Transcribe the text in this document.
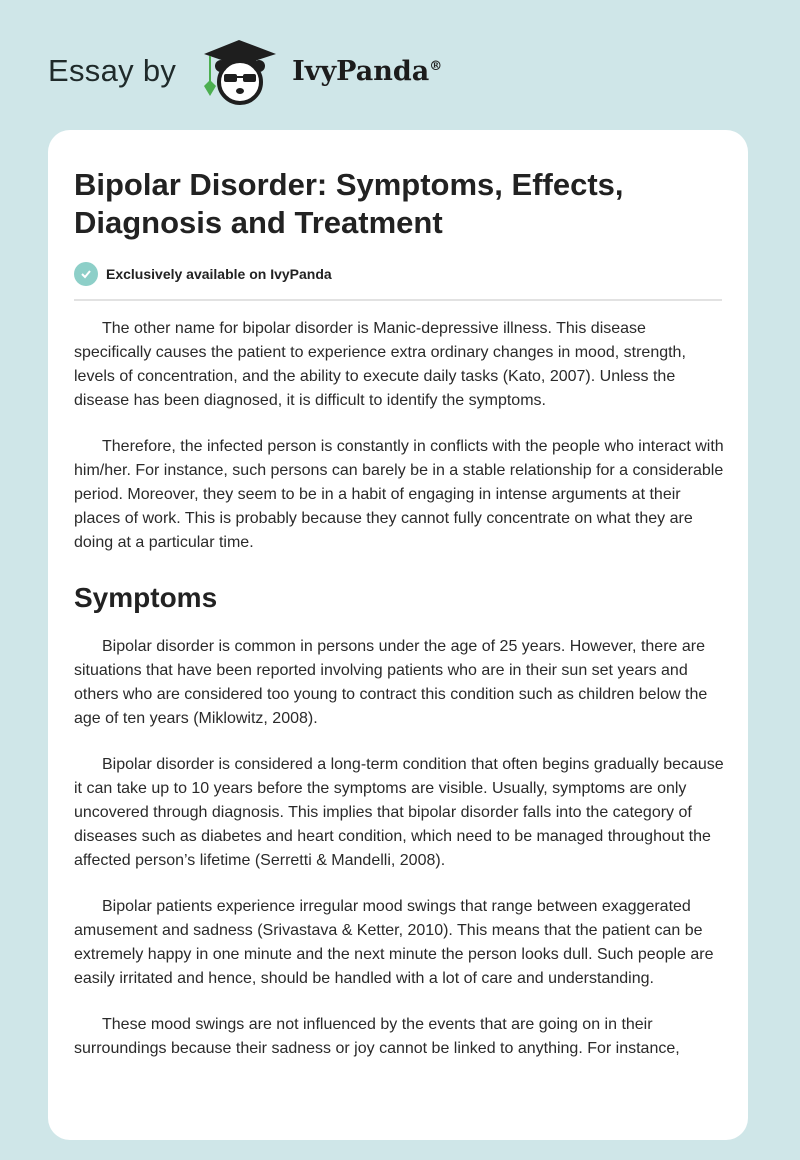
Essay by	IvyPanda®
Bipolar Disorder: Symptoms, Effects, Diagnosis and Treatment
Exclusively available on IvyPanda

The other name for bipolar disorder is Manic-depressive illness. This disease specifically causes the patient to experience extra ordinary changes in mood, strength, levels of concentration, and the ability to execute daily tasks (Kato, 2007). Unless the disease has been diagnosed, it is difficult to identify the symptoms.

Therefore, the infected person is constantly in conflicts with the people who interact with him/her. For instance, such persons can barely be in a stable relationship for a considerable period. Moreover, they seem to be in a habit of engaging in intense arguments at their places of work. This is probably because they cannot fully concentrate on what they are doing at a particular time.

Symptoms

Bipolar disorder is common in persons under the age of 25 years. However, there are situations that have been reported involving patients who are in their sun set years and others who are considered too young to contract this condition such as children below the age of ten years (Miklowitz, 2008).

Bipolar disorder is considered a long-term condition that often begins gradually because it can take up to 10 years before the symptoms are visible. Usually, symptoms are only uncovered through diagnosis. This implies that bipolar disorder falls into the category of diseases such as diabetes and heart condition, which need to be managed throughout the affected person’s lifetime (Serretti & Mandelli, 2008).

Bipolar patients experience irregular mood swings that range between exaggerated amusement and sadness (Srivastava & Ketter, 2010). This means that the patient can be extremely happy in one minute and the next minute the person looks dull. Such people are easily irritated and hence, should be handled with a lot of care and understanding.

These mood swings are not influenced by the events that are going on in their surroundings because their sadness or joy cannot be linked to anything. For instance,
